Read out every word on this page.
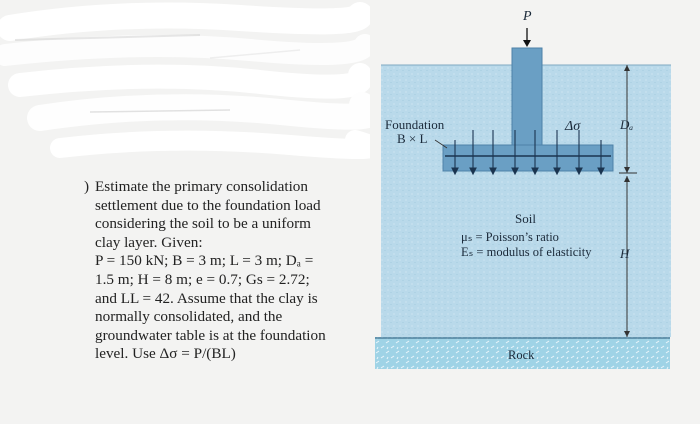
) Estimate the primary consolidation
settlement due to the foundation load
considering the soil to be a uniform
clay layer. Given:
P = 150 kN; B = 3 m; L = 3 m; Dₐ =
1.5 m; H = 8 m; e = 0.7; Gs = 2.72;
and LL = 42. Assume that the clay is
normally consolidated, and the
groundwater table is at the foundation
level. Use Δσ = P/(BL)
P
Foundation
B × L
Δσ	Dₐ
Soil
μₛ = Poisson’s ratio
Eₛ = modulus of elasticity H
Rock
